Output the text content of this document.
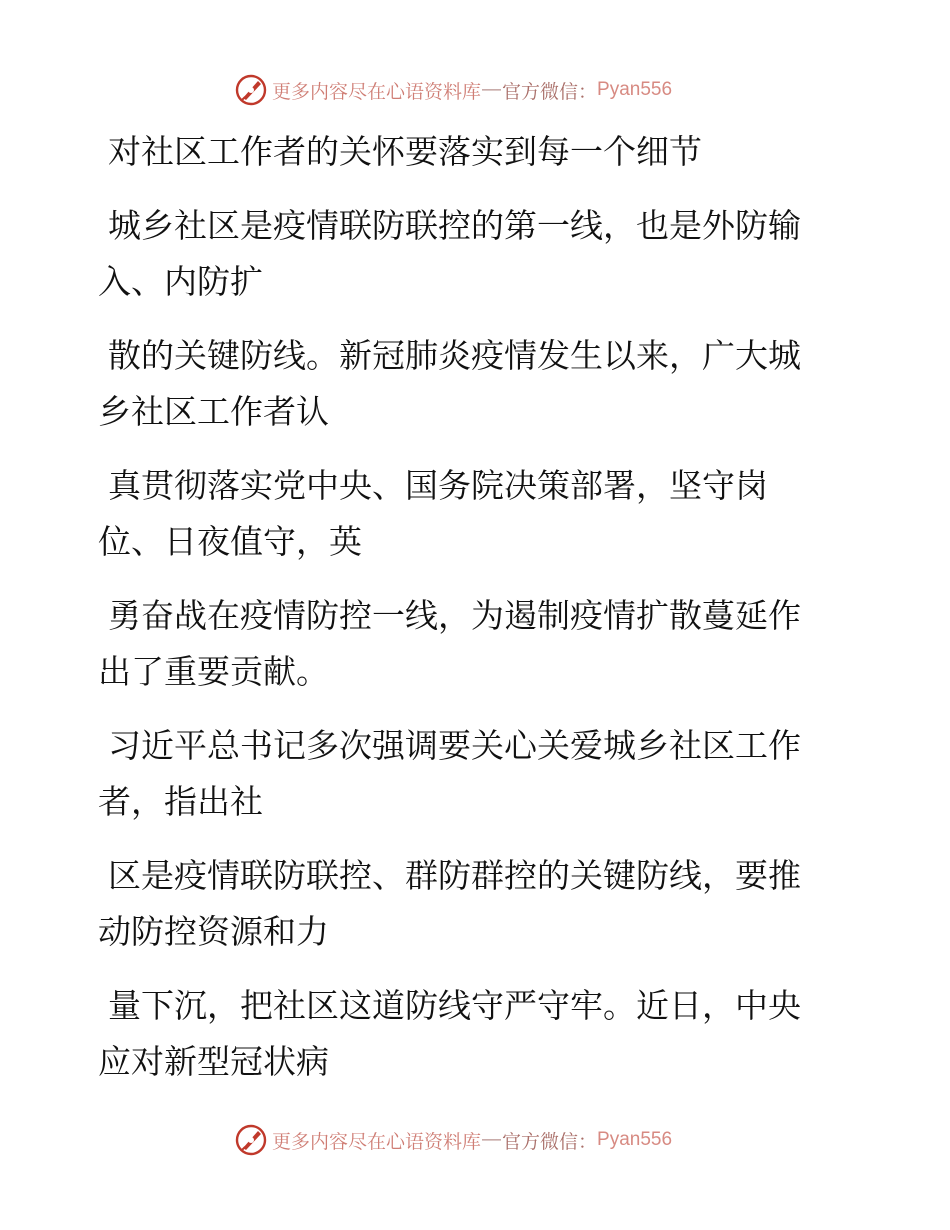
更多内容尽在心语资料库 — 官方微信： Pyan556
对社区工作者的关怀要落实到每一个细节
城乡社区是疫情联防联控的第一线，也是外防输
入、内防扩
散的关键防线。新冠肺炎疫情发生以来，广大城
乡社区工作者认
真贯彻落实党中央、国务院决策部署，坚守岗
位、日夜值守，英
勇奋战在疫情防控一线，为遏制疫情扩散蔓延作
出了重要贡献。
习近平总书记多次强调要关心关爱城乡社区工作
者，指出社
区是疫情联防联控、群防群控的关键防线，要推
动防控资源和力
量下沉，把社区这道防线守严守牢。近日，中央
应对新型冠状病
更多内容尽在心语资料库 — 官方微信： Pyan556
